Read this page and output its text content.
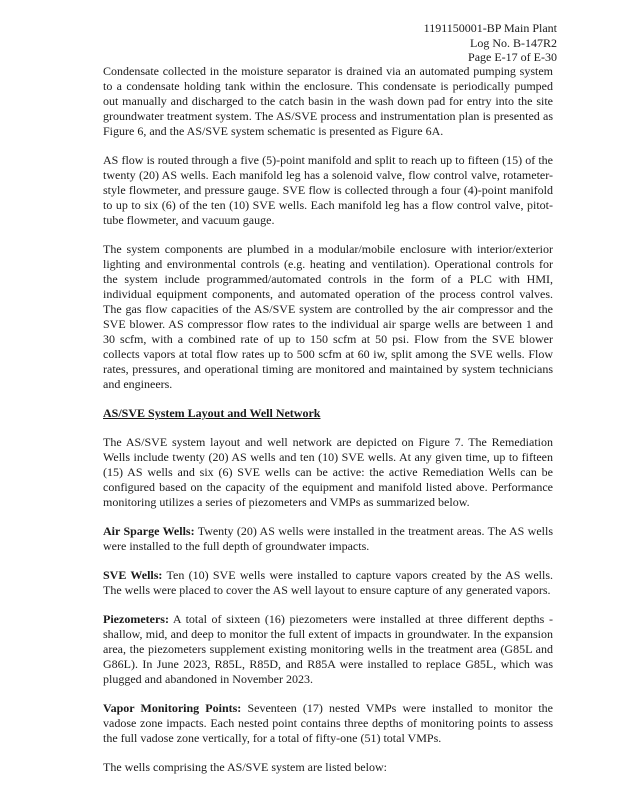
1191150001-BP Main Plant
Log No. B-147R2
Page E-17 of E-30

Condensate collected in the moisture separator is drained via an automated pumping system to a condensate holding tank within the enclosure. This condensate is periodically pumped out manually and discharged to the catch basin in the wash down pad for entry into the site groundwater treatment system. The AS/SVE process and instrumentation plan is presented as Figure 6, and the AS/SVE system schematic is presented as Figure 6A.

AS flow is routed through a five (5)-point manifold and split to reach up to fifteen (15) of the twenty (20) AS wells. Each manifold leg has a solenoid valve, flow control valve, rotameter-style flowmeter, and pressure gauge. SVE flow is collected through a four (4)-point manifold to up to six (6) of the ten (10) SVE wells. Each manifold leg has a flow control valve, pitot-tube flowmeter, and vacuum gauge.

The system components are plumbed in a modular/mobile enclosure with interior/exterior lighting and environmental controls (e.g. heating and ventilation). Operational controls for the system include programmed/automated controls in the form of a PLC with HMI, individual equipment components, and automated operation of the process control valves. The gas flow capacities of the AS/SVE system are controlled by the air compressor and the SVE blower. AS compressor flow rates to the individual air sparge wells are between 1 and 30 scfm, with a combined rate of up to 150 scfm at 50 psi. Flow from the SVE blower collects vapors at total flow rates up to 500 scfm at 60 iw, split among the SVE wells. Flow rates, pressures, and operational timing are monitored and maintained by system technicians and engineers.

AS/SVE System Layout and Well Network

The AS/SVE system layout and well network are depicted on Figure 7. The Remediation Wells include twenty (20) AS wells and ten (10) SVE wells. At any given time, up to fifteen (15) AS wells and six (6) SVE wells can be active: the active Remediation Wells can be configured based on the capacity of the equipment and manifold listed above. Performance monitoring utilizes a series of piezometers and VMPs as summarized below.

Air Sparge Wells: Twenty (20) AS wells were installed in the treatment areas. The AS wells were installed to the full depth of groundwater impacts.

SVE Wells: Ten (10) SVE wells were installed to capture vapors created by the AS wells. The wells were placed to cover the AS well layout to ensure capture of any generated vapors.

Piezometers: A total of sixteen (16) piezometers were installed at three different depths - shallow, mid, and deep to monitor the full extent of impacts in groundwater. In the expansion area, the piezometers supplement existing monitoring wells in the treatment area (G85L and G86L). In June 2023, R85L, R85D, and R85A were installed to replace G85L, which was plugged and abandoned in November 2023.

Vapor Monitoring Points: Seventeen (17) nested VMPs were installed to monitor the vadose zone impacts. Each nested point contains three depths of monitoring points to assess the full vadose zone vertically, for a total of fifty-one (51) total VMPs.

The wells comprising the AS/SVE system are listed below:
